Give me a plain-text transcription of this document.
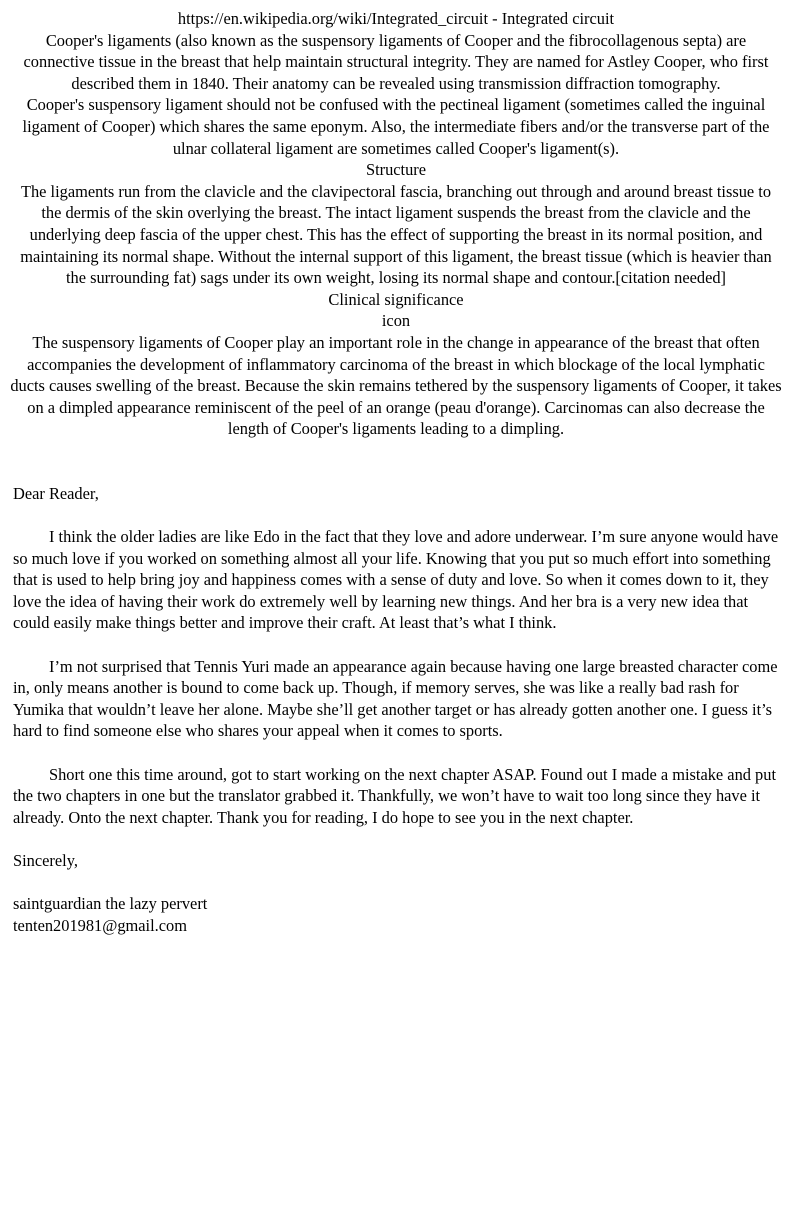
https://en.wikipedia.org/wiki/Integrated_circuit - Integrated circuit

Cooper's ligaments (also known as the suspensory ligaments of Cooper and the fibrocollagenous septa) are connective tissue in the breast that help maintain structural integrity. They are named for Astley Cooper, who first described them in 1840. Their anatomy can be revealed using transmission diffraction tomography.

Cooper's suspensory ligament should not be confused with the pectineal ligament (sometimes called the inguinal ligament of Cooper) which shares the same eponym. Also, the intermediate fibers and/or the transverse part of the ulnar collateral ligament are sometimes called Cooper's ligament(s).

Structure

The ligaments run from the clavicle and the clavipectoral fascia, branching out through and around breast tissue to the dermis of the skin overlying the breast. The intact ligament suspends the breast from the clavicle and the underlying deep fascia of the upper chest. This has the effect of supporting the breast in its normal position, and maintaining its normal shape. Without the internal support of this ligament, the breast tissue (which is heavier than the surrounding fat) sags under its own weight, losing its normal shape and contour.[citation needed]

Clinical significance

icon

The suspensory ligaments of Cooper play an important role in the change in appearance of the breast that often accompanies the development of inflammatory carcinoma of the breast in which blockage of the local lymphatic ducts causes swelling of the breast. Because the skin remains tethered by the suspensory ligaments of Cooper, it takes on a dimpled appearance reminiscent of the peel of an orange (peau d'orange). Carcinomas can also decrease the length of Cooper's ligaments leading to a dimpling.

Dear Reader,

I think the older ladies are like Edo in the fact that they love and adore underwear. I’m sure anyone would have so much love if you worked on something almost all your life. Knowing that you put so much effort into something that is used to help bring joy and happiness comes with a sense of duty and love. So when it comes down to it, they love the idea of having their work do extremely well by learning new things. And her bra is a very new idea that could easily make things better and improve their craft. At least that’s what I think.

I’m not surprised that Tennis Yuri made an appearance again because having one large breasted character come in, only means another is bound to come back up. Though, if memory serves, she was like a really bad rash for Yumika that wouldn’t leave her alone. Maybe she’ll get another target or has already gotten another one. I guess it’s hard to find someone else who shares your appeal when it comes to sports.

Short one this time around, got to start working on the next chapter ASAP. Found out I made a mistake and put the two chapters in one but the translator grabbed it. Thankfully, we won’t have to wait too long since they have it already. Onto the next chapter. Thank you for reading, I do hope to see you in the next chapter.

Sincerely,

saintguardian the lazy pervert
tenten201981@gmail.com
